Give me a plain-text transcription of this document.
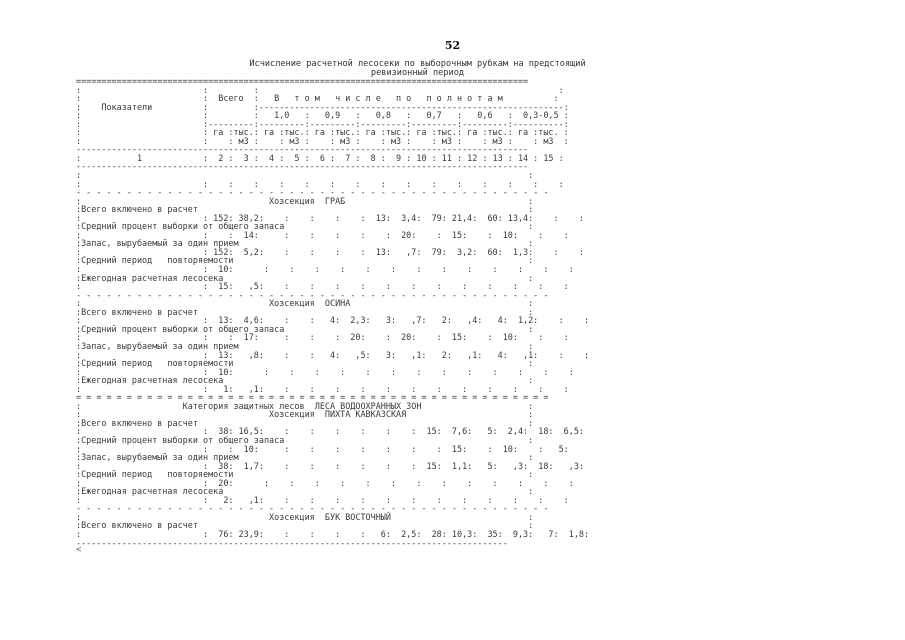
52
Исчисление расчетной лесосеки по выборочным рубкам на предстоящий
ревизионный период
=========================================================================================
:                        :         :                                                           :
:                        :  Всего  :   В   т о м   ч и с л е   п о   п о л н о т а м          :
:    Показатели          :         :------------------------------------------------------------:
:                        :         :   1,0   :   0,9   :   0,8   :   0,7   :   0,6   :  0,3-0,5 :
:                        :---------:---------:---------:---------:---------:---------:----------:
:                        : га :тыс.: га :тыс.: га :тыс.: га :тыс.: га :тыс.: га :тыс.: га :тыс. :
:                        :    : м3 :    : м3 :    : м3 :    : м3 :    : м3 :    : м3 :    : м3  :
-----------------------------------------------------------------------------------------
:           1            :  2 :  3 :  4 :  5 :  6 :  7 :  8 :  9 : 10 : 11 : 12 : 13 : 14 : 15 :
-----------------------------------------------------------------------------------------
:                                                                                        :
:                        :    :    :    :    :    :    :    :    :    :    :    :    :    :    :
- - - - - - - - - - - - - - - - - - - - - - - - - - - - - - - - - - - - - - - - - - - - - - -
:                                     Хозсекция  ГРАБ                                    :
:Всего включено в расчет                                                                 :
:                        : 152: 38,2:    :    :    :    :  13:  3,4:  79: 21,4:  60: 13,4:    :    :
:Средний процент выборки от общего запаса                                                :
:                        :    :  14:     :    :    :    :    :  20:    :  15:    :  10:    :    :
:Запас, вырубаемый за один прием                                                         :
:                        : 152:  5,2:    :    :    :    :  13:   ,7:  79:  3,2:  60:  1,3:    :    :
:Средний период   повторяемости                                                          :
:                        :  10:      :    :    :    :    :    :    :    :    :    :    :    :    :
:Ежегодная расчетная лесосека                                                            :
:                        :  15:   ,5:    :    :    :    :    :    :    :    :    :    :    :    :
- - - - - - - - - - - - - - - - - - - - - - - - - - - - - - - - - - - - - - - - - - - - - - -
:                                     Хозсекция  ОСИНА                                   :
:Всего включено в расчет                                                                 :
:                        :  13:  4,6:    :    :   4:  2,3:   3:   ,7:   2:   ,4:   4:  1,2:    :    :
:Средний процент выборки от общего запаса                                                :
:                        :    :  17:     :    :    :  20:    :  20:    :  15:    :  10:    :    :
:Запас, вырубаемый за один прием                                                         :
:                        :  13:   ,8:    :    :   4:   ,5:   3:   ,1:   2:   ,1:   4:   ,1:    :    :
:Средний период   повторяемости                                                          :
:                        :  10:      :    :    :    :    :    :    :    :    :    :    :    :    :
:Ежегодная расчетная лесосека                                                            :
:                        :   1:   ,1:    :    :    :    :    :    :    :    :    :    :    :    :
= = = = = = = = = = = = = = = = = = = = = = = = = = = = = = = = = = = = = = = = = = = = = = =
:                    Категория защитных лесов  ЛЕСА ВОДООХРАННЫХ ЗОН                     :
:                                     Хозсекция  ПИХТА КАВКАЗСКАЯ                        :
:Всего включено в расчет                                                                 :
:                        :  38: 16,5:    :    :    :    :    :    :  15:  7,6:   5:  2,4:  18:  6,5:
:Средний процент выборки от общего запаса                                                :
:                        :    :  10:     :    :    :    :    :    :    :  15:    :  10:    :   5:
:Запас, вырубаемый за один прием                                                         :
:                        :  38:  1,7:    :    :    :    :    :    :  15:  1,1:   5:   ,3:  18:   ,3:
:Средний период   повторяемости                                                          :
:                        :  20:      :    :    :    :    :    :    :    :    :    :    :    :    :
:Ежегодная расчетная лесосека                                                            :
:                        :   2:   ,1:    :    :    :    :    :    :    :    :    :    :    :    :
- - - - - - - - - - - - - - - - - - - - - - - - - - - - - - - - - - - - - - - - - - - - - - -
:                                     Хозсекция  БУК ВОСТОЧНЫЙ                           :
:Всего включено в расчет                                                                 :
:                        :  76: 23,9:    :    :    :    :   6:  2,5:  28: 10,3:  35:  9,3:   7:  1,8:
-------------------------------------------------------------------------------------

<
